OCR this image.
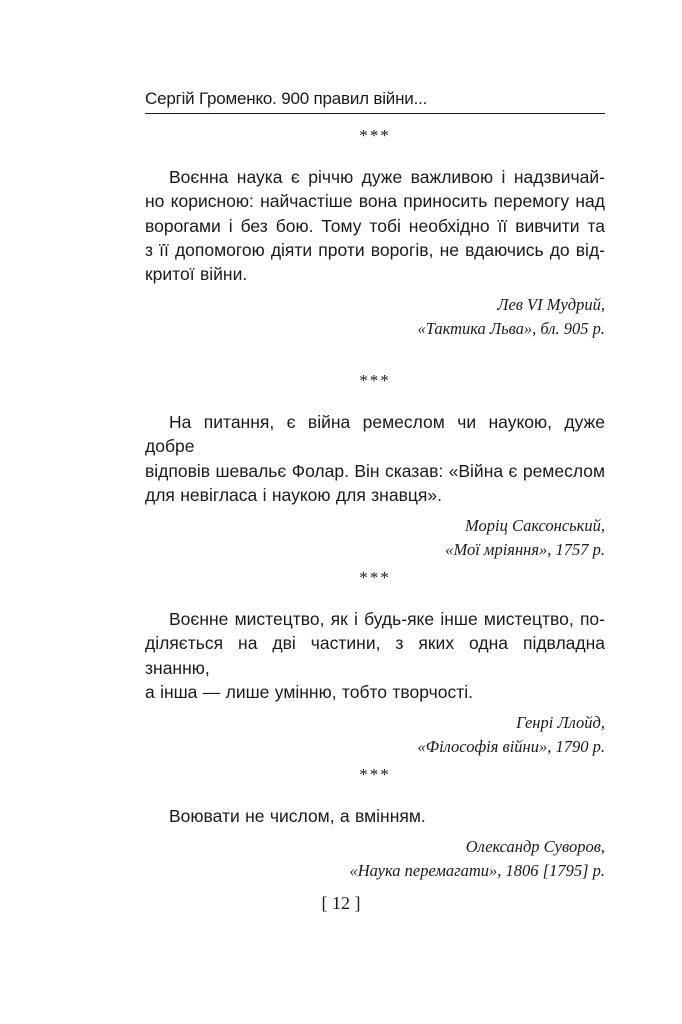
Сергій Громенко. 900 правил війни...
***
Воєнна наука є річчю дуже важливою і надзвичай-
но корисною: найчастіше вона приносить перемогу над
ворогами і без бою. Тому тобі необхідно її вивчити та
з її допомогою діяти проти ворогів, не вдаючись до від-
критої війни.
Лев VI Мудрий,
«Тактика Льва», бл. 905 р.
***
На питання, є війна ремеслом чи наукою, дуже добре
відповів шевальє Фолар. Він сказав: «Війна є ремеслом
для невігласа і наукою для знавця».
Моріц Саксонський,
«Мої мріяння», 1757 р.
***
Воєнне мистецтво, як і будь-яке інше мистецтво, по-
діляється на дві частини, з яких одна підвладна знанню,
а інша — лише умінню, тобто творчості.
Генрі Ллойд,
«Філософія війни», 1790 р.
***
Воювати не числом, а вмінням.
Олександр Суворов,
«Наука перемагати», 1806 [1795] р.
[ 12 ]
